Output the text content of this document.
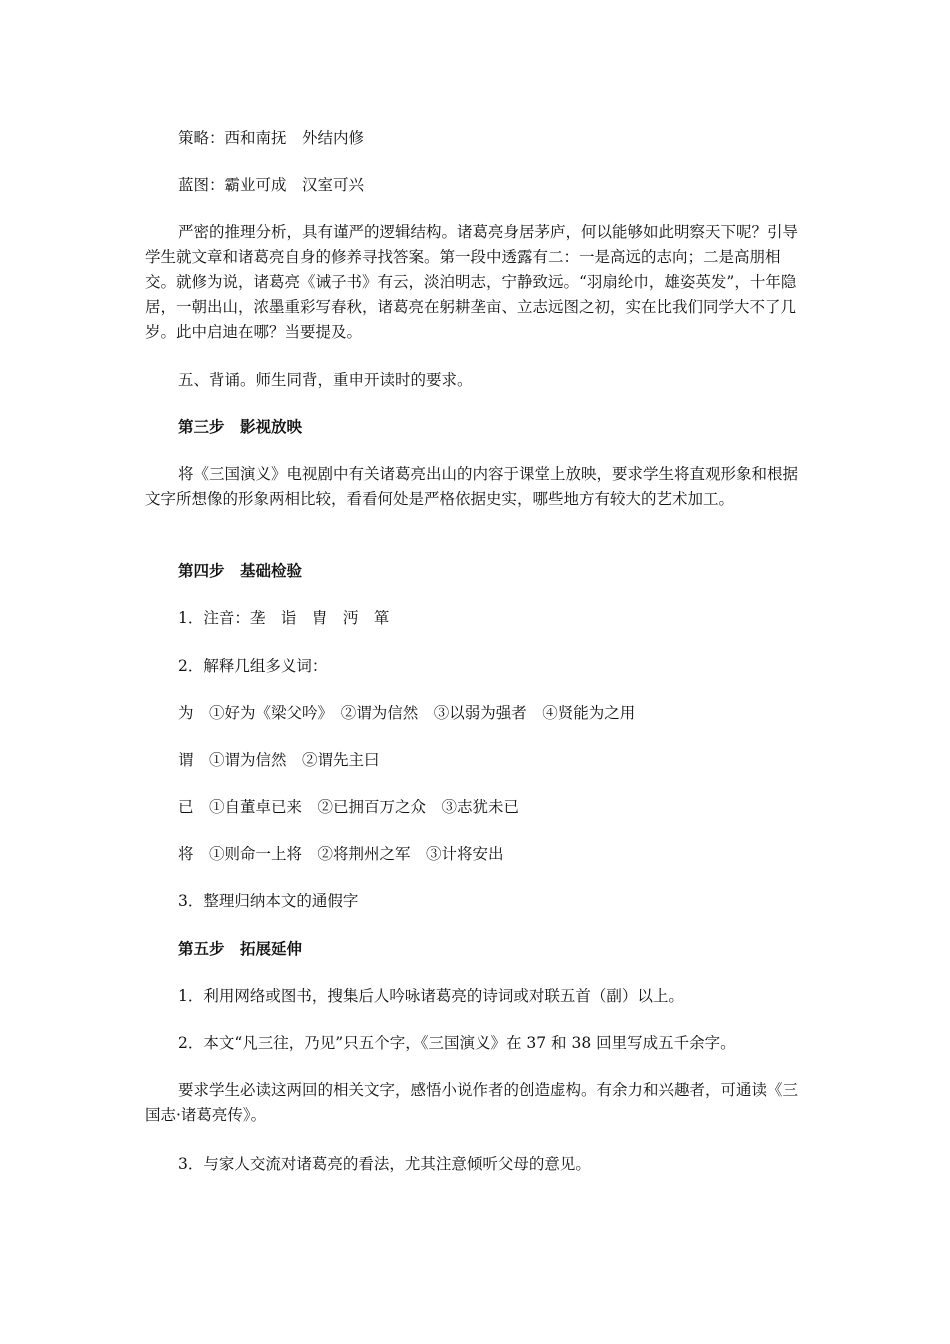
策略：西和南抚　外结内修

蓝图：霸业可成　汉室可兴

严密的推理分析，具有谨严的逻辑结构。诸葛亮身居茅庐，何以能够如此明察天下呢？引导学生就文章和诸葛亮自身的修养寻找答案。第一段中透露有二：一是高远的志向；二是高朋相交。就修为说，诸葛亮《诫子书》有云，淡泊明志，宁静致远。“羽扇纶巾，雄姿英发”，十年隐居，一朝出山，浓墨重彩写春秋，诸葛亮在躬耕垄亩、立志远图之初，实在比我们同学大不了几岁。此中启迪在哪？当要提及。

五、背诵。师生同背，重申开读时的要求。

第三步　影视放映

将《三国演义》电视剧中有关诸葛亮出山的内容于课堂上放映，要求学生将直观形象和根据文字所想像的形象两相比较，看看何处是严格依据史实，哪些地方有较大的艺术加工。

第四步　基础检验

1．注音：垄　诣　胄　沔　箪

2．解释几组多义词：

为　①好为《梁父吟》　②谓为信然　③以弱为强者　④贤能为之用

谓　①谓为信然　②谓先主曰

已　①自董卓已来　②已拥百万之众　③志犹未已

将　①则命一上将　②将荆州之军　③计将安出

3．整理归纳本文的通假字

第五步　拓展延伸

1．利用网络或图书，搜集后人吟咏诸葛亮的诗词或对联五首（副）以上。

2．本文“凡三往，乃见”只五个字，《三国演义》在 37 和 38 回里写成五千余字。

要求学生必读这两回的相关文字，感悟小说作者的创造虚构。有余力和兴趣者，可通读《三国志·诸葛亮传》。

3．与家人交流对诸葛亮的看法，尤其注意倾听父母的意见。
